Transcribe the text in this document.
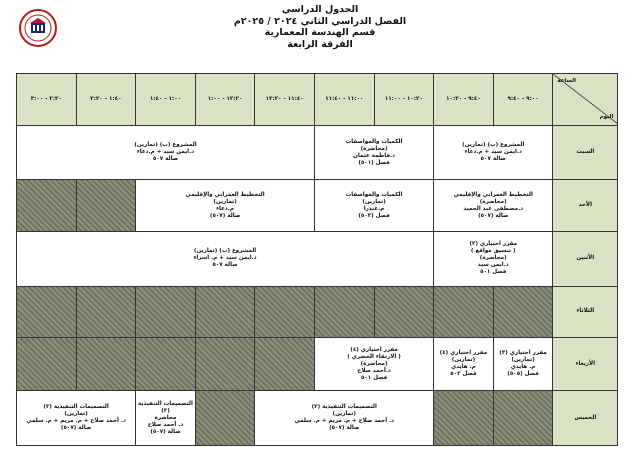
الجدول الدراسي
الفصل الدراسي الثاني ٢٠٢٤ / ٢٠٢٥م
قسم الهندسة المعمارية
الفرقة الرابعة
الساعة
اليوم	٩:٠٠ - ٩:٤٠	٩:٤٠ - ١٠:٢٠	١٠:٢٠ - ١١:٠٠	١١:٠٠ - ١١:٤٠	١١:٤٠ - ١٢:٢٠	١٢:٢٠ - ١:٠٠	١:٠٠ - ١:٤٠	١:٤٠ - ٢:٢٠	٢:٢٠ - ٣:٠٠
السبت	المشروع (ب) (تمارين)
د.ايمن سيد + م.دعاء
صالة ٥٠٧		الكميات والمواصفات
(محاضرة)
د.فاطمة عثمان
فصل (٥٠١)		المشروع (ب) (تمارين)
د.ايمن سيد + م.دعاء
صالة ٥٠٧				

الأحد	التخطيط العمراني والإقليمي
(محاضرة)
د.مصطفى عبد الحميد
صالة (٥٠٧)		الكميات والمواصفات
(تمارين)
م.غندرا
فصل (٥٠٣)		التخطيط العمراني والإقليمي
(تمارين)
م.دعاء
صالة (٥٠٧)				

الأثنين	مقرر اختياري (٣)
( تنسيق مواقع )
(محاضرة)
د.ايمن سيد
فصل ٥٠١		المشروع (ب) (تمارين)
د.ايمن سيد + م. اسراء
صالة ٥٠٧						

الثلاثاء									
الأربعاء	مقرر اختياري (٣)
(تمارين)
م. هايدي
فصل (٥٠٥)	مقرر اختياري (٤)
(تمارين)
م. هايدي
فصل ٥٠٣	مقرر اختياري (٤)
( الارتقاء الحضري )
(محاضرة)
د.أحمد صلاح
فصل ٥٠١						

الخميس			التصميمات التنفيذية (٣)
(تمارين)
د. أحمد صلاح + م. مريم + م. سلمي
صالة (٥٠٧)				التصميمات التنفيذية
(٣)
محاضرة
د. أحمد صلاح
صالة (٥٠٧)	التصميمات التنفيذية (٣)
(تمارين)
د. أحمد صلاح + م. مريم + م. سلمي
صالة (٥٠٧)	
